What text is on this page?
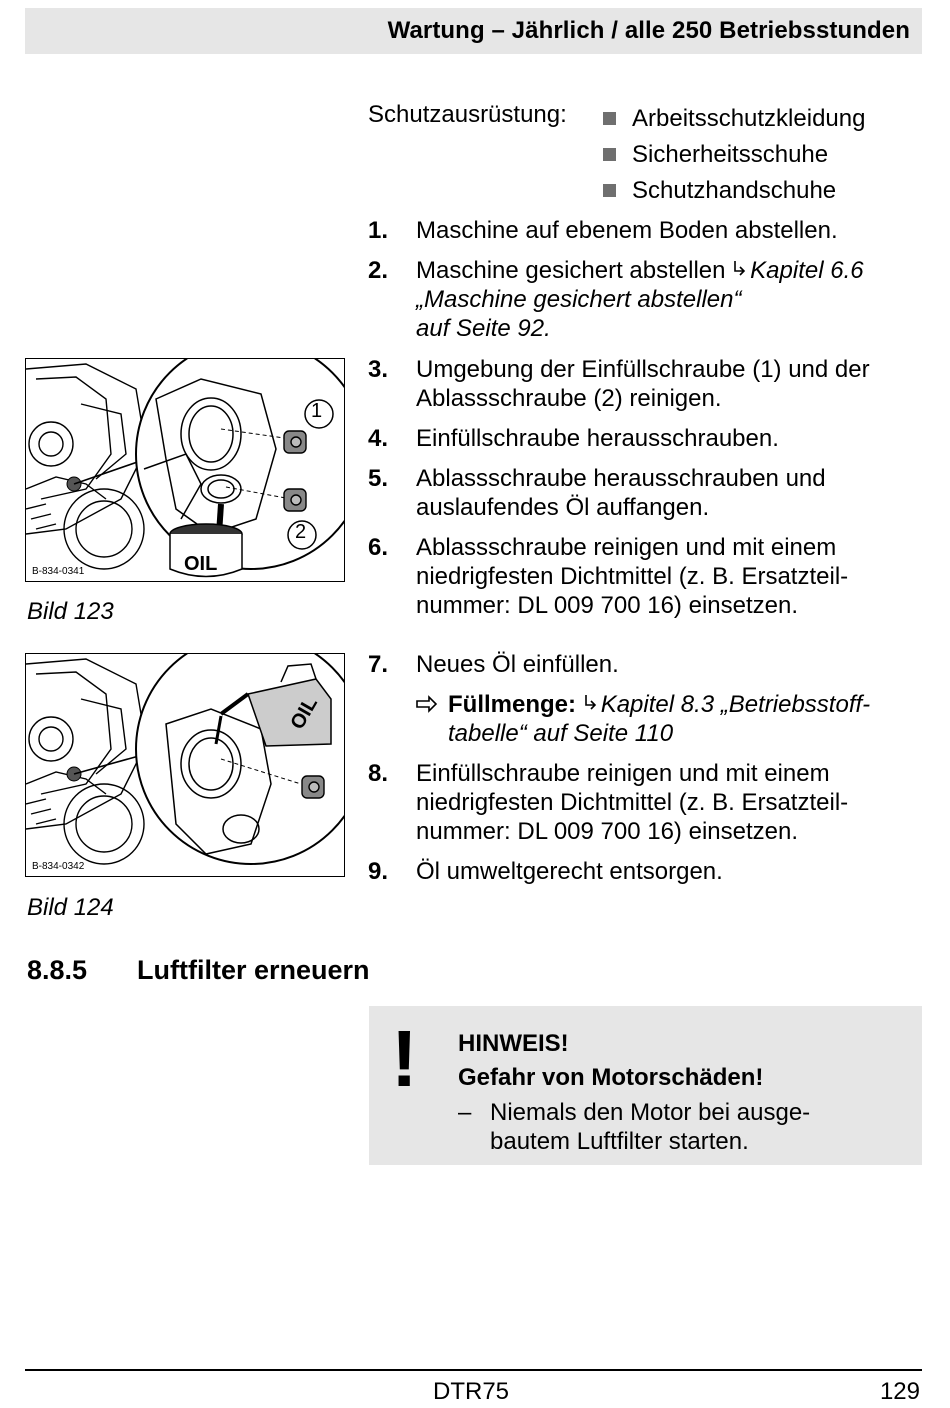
Wartung – Jährlich / alle 250 Betriebsstunden
Schutzausrüstung:	Arbeitsschutzkleidung
Sicherheitsschuhe
Schutzhandschuhe
1.	Maschine auf ebenem Boden abstellen.
2.	Maschine gesichert abstellen Kapitel 6.6
„Maschine gesichert abstellen“
auf Seite 92.
3.	Umgebung der Einfüllschraube (1) und der
Ablassschraube (2) reinigen.
4.	Einfüllschraube herausschrauben.
5.	Ablassschraube herausschrauben und
auslaufendes Öl auffangen.
6.	Ablassschraube reinigen und mit einem
niedrigfesten Dichtmittel (z. B. Ersatzteil-
nummer: DL 009 700 16) einsetzen.
7.	Neues Öl einfüllen.
Füllmenge: Kapitel 8.3 „Betriebsstoff-
tabelle“ auf Seite 110
8.	Einfüllschraube reinigen und mit einem
niedrigfesten Dichtmittel (z. B. Ersatzteil-
nummer: DL 009 700 16) einsetzen.
9.	Öl umweltgerecht entsorgen.
1
2
OIL
B-834-0341
Bild 123
OIL
B-834-0342
Bild 124
8.8.5 Luftfilter erneuern
! HINWEIS!
Gefahr von Motorschäden!
– Niemals den Motor bei ausge-
bautem Luftfilter starten.
DTR75	129
